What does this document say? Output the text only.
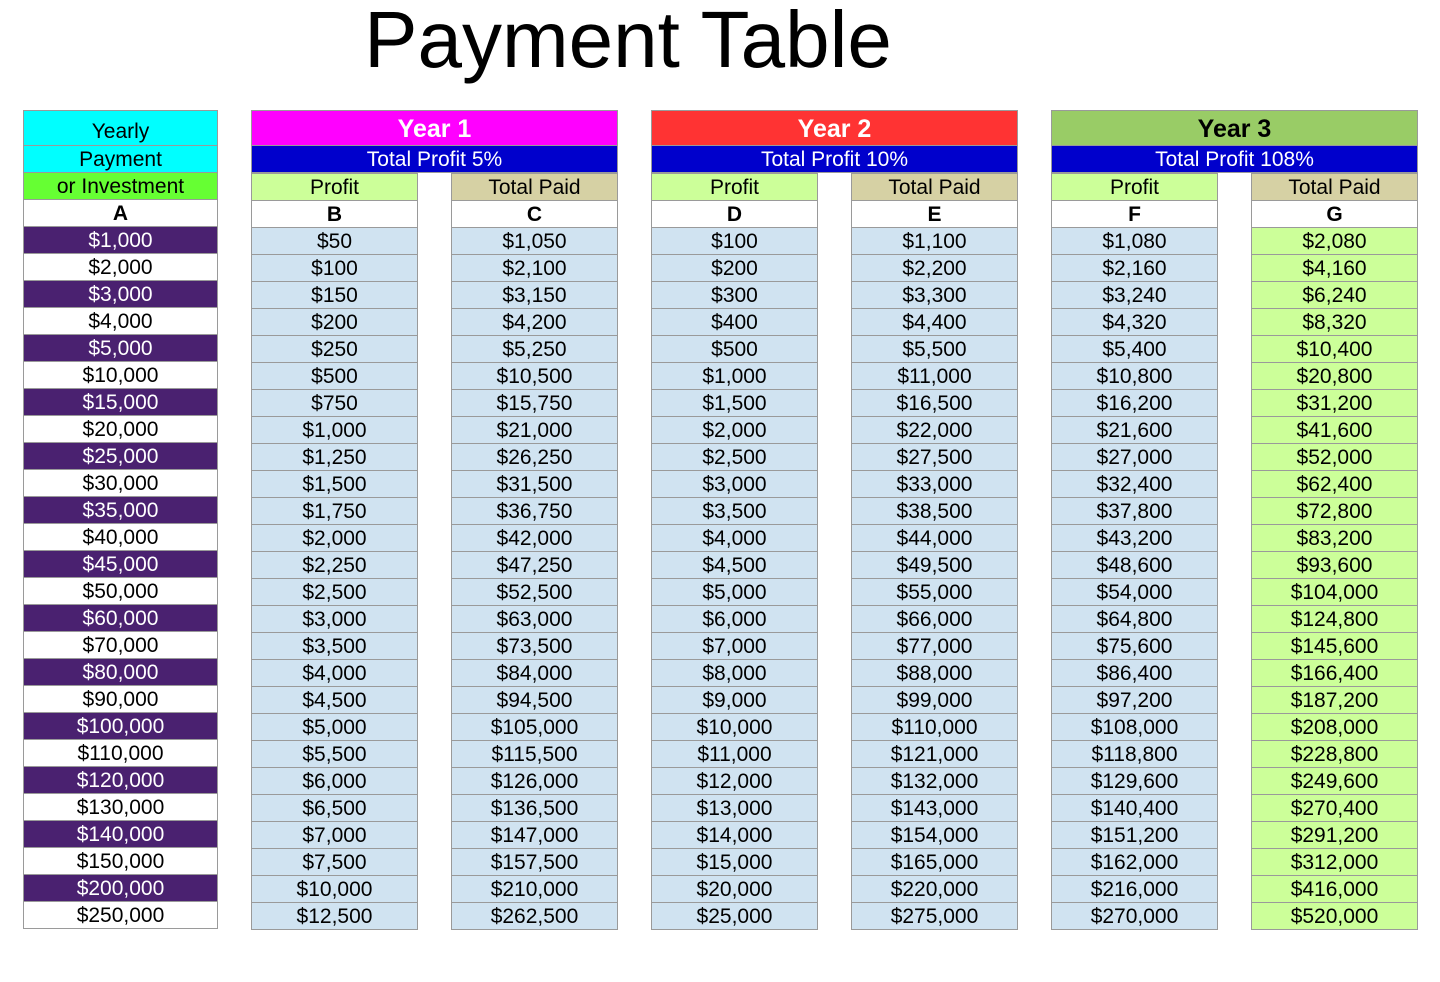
Payment Table
Yearly
Payment
or Investment
A
$1,000
$2,000
$3,000
$4,000
$5,000
$10,000
$15,000
$20,000
$25,000
$30,000
$35,000
$40,000
$45,000
$50,000
$60,000
$70,000
$80,000
$90,000
$100,000
$110,000
$120,000
$130,000
$140,000
$150,000
$200,000
$250,000
Year 1
Total Profit 5%
Profit
B
$50
$100
$150
$200
$250
$500
$750
$1,000
$1,250
$1,500
$1,750
$2,000
$2,250
$2,500
$3,000
$3,500
$4,000
$4,500
$5,000
$5,500
$6,000
$6,500
$7,000
$7,500
$10,000
$12,500
Total Paid
C
$1,050
$2,100
$3,150
$4,200
$5,250
$10,500
$15,750
$21,000
$26,250
$31,500
$36,750
$42,000
$47,250
$52,500
$63,000
$73,500
$84,000
$94,500
$105,000
$115,500
$126,000
$136,500
$147,000
$157,500
$210,000
$262,500
Year 2
Total Profit 10%
Profit
D
$100
$200
$300
$400
$500
$1,000
$1,500
$2,000
$2,500
$3,000
$3,500
$4,000
$4,500
$5,000
$6,000
$7,000
$8,000
$9,000
$10,000
$11,000
$12,000
$13,000
$14,000
$15,000
$20,000
$25,000
Total Paid
E
$1,100
$2,200
$3,300
$4,400
$5,500
$11,000
$16,500
$22,000
$27,500
$33,000
$38,500
$44,000
$49,500
$55,000
$66,000
$77,000
$88,000
$99,000
$110,000
$121,000
$132,000
$143,000
$154,000
$165,000
$220,000
$275,000
Year 3
Total Profit 108%
Profit
F
$1,080
$2,160
$3,240
$4,320
$5,400
$10,800
$16,200
$21,600
$27,000
$32,400
$37,800
$43,200
$48,600
$54,000
$64,800
$75,600
$86,400
$97,200
$108,000
$118,800
$129,600
$140,400
$151,200
$162,000
$216,000
$270,000
Total Paid
G
$2,080
$4,160
$6,240
$8,320
$10,400
$20,800
$31,200
$41,600
$52,000
$62,400
$72,800
$83,200
$93,600
$104,000
$124,800
$145,600
$166,400
$187,200
$208,000
$228,800
$249,600
$270,400
$291,200
$312,000
$416,000
$520,000
